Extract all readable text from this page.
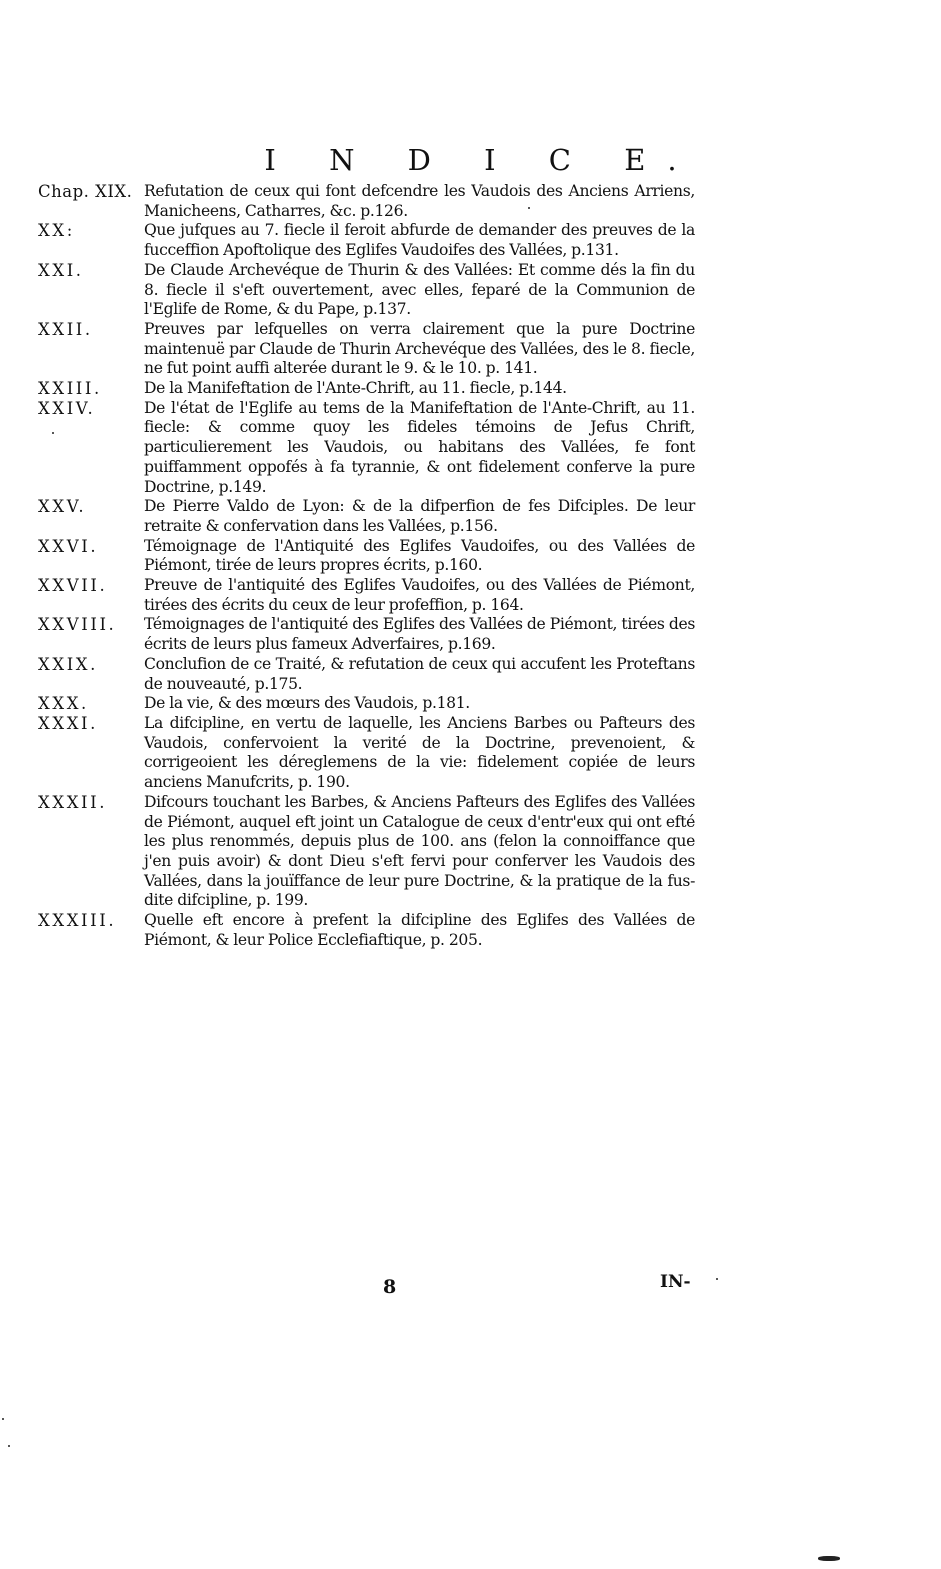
I N D I C E.
Chap. XIX. Refutation de ceux qui font defcendre les Vaudois des Anciens Arriens, Manicheens, Catharres, &c. p.126.
XX:	Que jufques au 7. fiecle il feroit abfurde de demander des preuves de la fucceffion Apoftolique des Eglifes Vaudoifes des Vallées, p.131.
XXI.	De Claude Archevéque de Thurin & des Vallées: Et comme dés la fin du 8. fiecle il s'eft ouvertement, avec elles, feparé de la Communion de l'Eglife de Rome, & du Pape, p.137.
XXII.	Preuves par lefquelles on verra clairement que la pure Doctrine maintenuë par Claude de Thurin Archevéque des Vallées, des le 8. fiecle, ne fut point auffi alterée durant le 9. & le 10. p. 141.
XXIII.	De la Manifeftation de l'Ante-Chrift, au 11. fiecle, p.144.
XXIV.	De l'état de l'Eglife au tems de la Manifeftation de l'Ante-Chrift, au 11. fiecle: & comme quoy les fideles témoins de Jefus Chrift, particulierement les Vaudois, ou habitans des Vallées, fe font puiffamment oppofés à fa tyrannie, & ont fidelement conferve la pure Doctrine, p.149.
XXV.	De Pierre Valdo de Lyon: & de la difperfion de fes Difciples. De leur retraite & confervation dans les Vallées, p.156.
XXVI.	Témoignage de l'Antiquité des Eglifes Vaudoifes, ou des Vallées de Piémont, tirée de leurs propres écrits, p.160.
XXVII.	Preuve de l'antiquité des Eglifes Vaudoifes, ou des Vallées de Piémont, tirées des écrits du ceux de leur profeffion, p. 164.
XXVIII.	Témoignages de l'antiquité des Eglifes des Vallées de Piémont, tirées des écrits de leurs plus fameux Adverfaires, p.169.
XXIX.	Conclufion de ce Traité, & refutation de ceux qui accufent les Proteftans de nouveauté, p.175.
XXX.	De la vie, & des mœurs des Vaudois, p.181.
XXXI.	La difcipline, en vertu de laquelle, les Anciens Barbes ou Pafteurs des Vaudois, confervoient la verité de la Doctrine, prevenoient, & corrigeoient les déreglemens de la vie: fidelement copiée de leurs anciens Manufcrits, p. 190.
XXXII.	Difcours touchant les Barbes, & Anciens Pafteurs des Eglifes des Vallées de Piémont, auquel eft joint un Catalogue de ceux d'entr'eux qui ont efté les plus renommés, depuis plus de 100. ans (felon la connoiffance que j'en puis avoir) & dont Dieu s'eft fervi pour conferver les Vaudois des Vallées, dans la jouïffance de leur pure Doctrine, & la pratique de la fus-dite difcipline, p. 199.
XXXIII.	Quelle eft encore à prefent la difcipline des Eglifes des Vallées de Piémont, & leur Police Ecclefiaftique, p. 205.
8	IN-
